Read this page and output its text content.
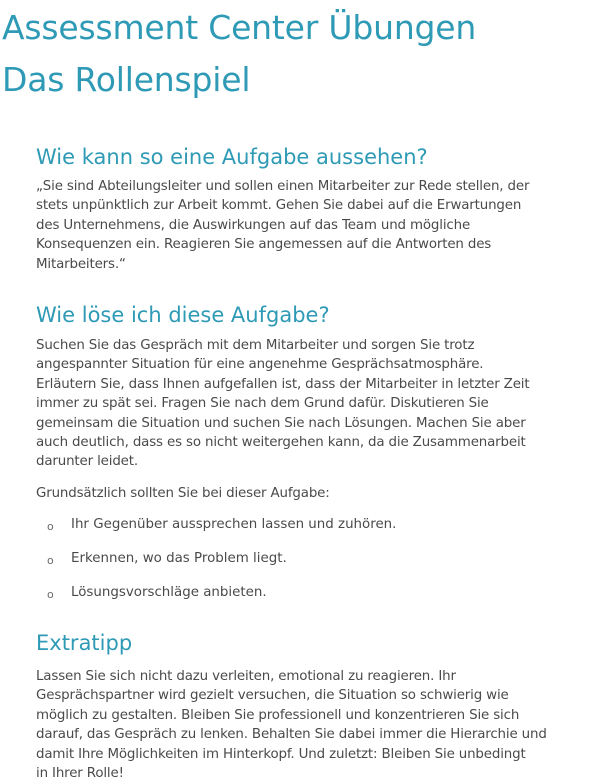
Assessment Center Übungen
Das Rollenspiel
Wie kann so eine Aufgabe aussehen?

„Sie sind Abteilungsleiter und sollen einen Mitarbeiter zur Rede stellen, der
stets unpünktlich zur Arbeit kommt. Gehen Sie dabei auf die Erwartungen
des Unternehmens, die Auswirkungen auf das Team und mögliche
Konsequenzen ein. Reagieren Sie angemessen auf die Antworten des
Mitarbeiters.“

Wie löse ich diese Aufgabe?

Suchen Sie das Gespräch mit dem Mitarbeiter und sorgen Sie trotz
angespannter Situation für eine angenehme Gesprächsatmosphäre.
Erläutern Sie, dass Ihnen aufgefallen ist, dass der Mitarbeiter in letzter Zeit
immer zu spät sei. Fragen Sie nach dem Grund dafür. Diskutieren Sie
gemeinsam die Situation und suchen Sie nach Lösungen. Machen Sie aber
auch deutlich, dass es so nicht weitergehen kann, da die Zusammenarbeit
darunter leidet.

Grundsätzlich sollten Sie bei dieser Aufgabe:

o Ihr Gegenüber aussprechen lassen und zuhören.
o Erkennen, wo das Problem liegt.
o Lösungsvorschläge anbieten.
Extratipp

Lassen Sie sich nicht dazu verleiten, emotional zu reagieren. Ihr
Gesprächspartner wird gezielt versuchen, die Situation so schwierig wie
möglich zu gestalten. Bleiben Sie professionell und konzentrieren Sie sich
darauf, das Gespräch zu lenken. Behalten Sie dabei immer die Hierarchie und
damit Ihre Möglichkeiten im Hinterkopf. Und zuletzt: Bleiben Sie unbedingt
in Ihrer Rolle!
